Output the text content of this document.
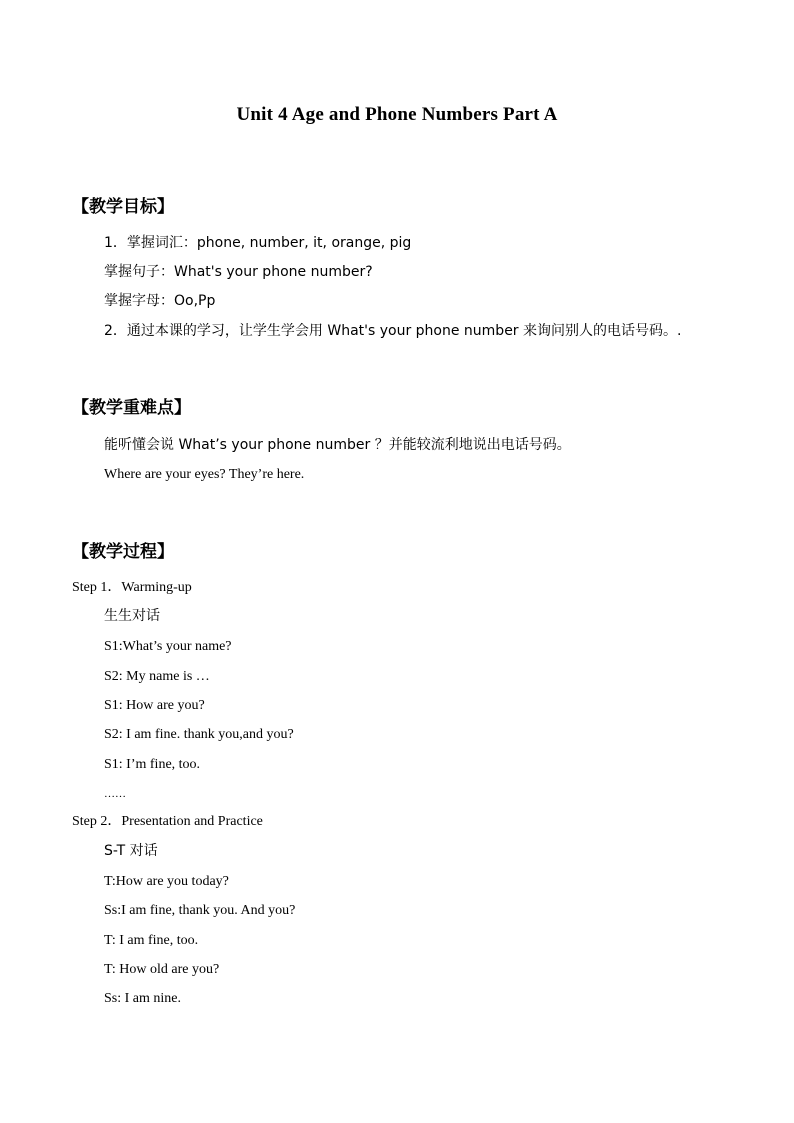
Unit 4 Age and Phone Numbers Part A
【教学目标】
1．掌握词汇：phone, number, it, orange, pig
掌握句子：What's your phone number?
掌握字母：Oo,Pp
2．通过本课的学习，让学生学会用 What's your phone number 来询问别人的电话号码。.
【教学重难点】
能听懂会说 What’s your phone number ？并能较流利地说出电话号码。
Where are your eyes? They’re here.
【教学过程】
Step 1．Warming-up
生生对话
S1:What’s your name?
S2: My name is …
S1: How are you?
S2: I am fine. thank you,and you?
S1: I’m fine, too.
……
Step 2．Presentation and Practice
S-T 对话
T:How are you today?
Ss:I am fine, thank you. And you?
T: I am fine, too.
T: How old are you?
Ss: I am nine.
